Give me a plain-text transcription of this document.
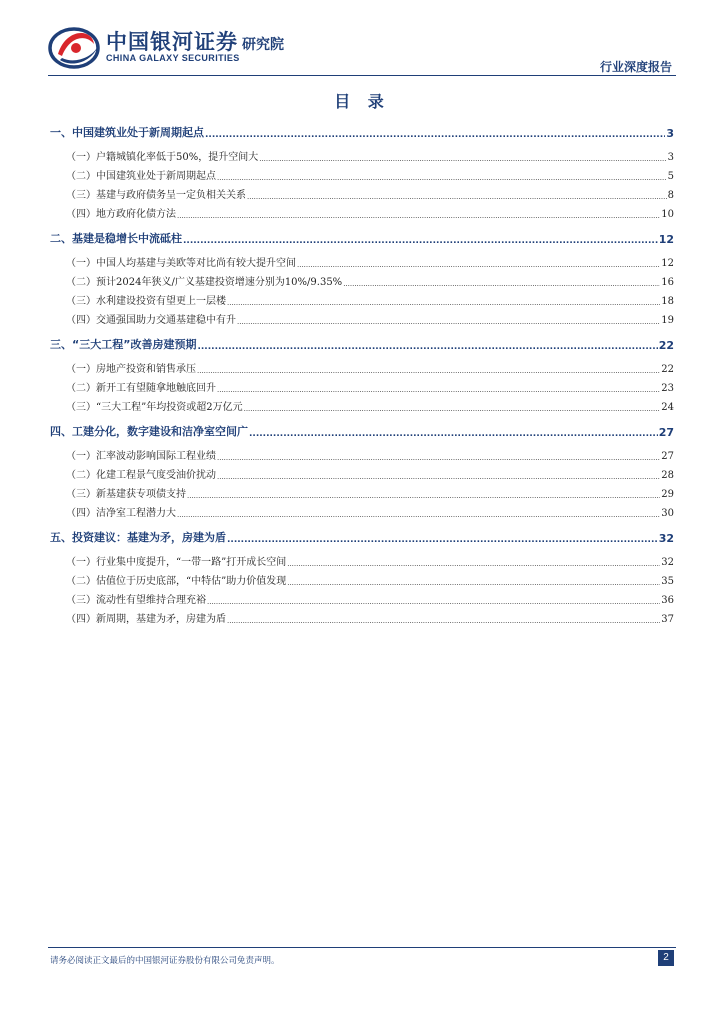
中国银河证券
CHINA GALAXY SECURITIES
研究院
行业深度报告
目 录
一、中国建筑业处于新周期起点 .....	3
（一）户籍城镇化率低于50%，提升空间大 .....	3
（二）中国建筑业处于新周期起点 .....	5
（三）基建与政府债务呈一定负相关关系 .....	8
（四）地方政府化债方法 .....	10
二、基建是稳增长中流砥柱 .....	12
（一）中国人均基建与美欧等对比尚有较大提升空间 .....	12
（二）预计2024年狭义/广义基建投资增速分别为10%/9.35% .....	16
（三）水利建设投资有望更上一层楼 .....	18
（四）交通强国助力交通基建稳中有升 .....	19
三、“三大工程”改善房建预期 .....	22
（一）房地产投资和销售承压 .....	22
（二）新开工有望随拿地触底回升 .....	23
（三）“三大工程”年均投资或超2万亿元 .....	24
四、工建分化，数字建设和洁净室空间广 .....	27
（一）汇率波动影响国际工程业绩 .....	27
（二）化建工程景气度受油价扰动 .....	28
（三）新基建获专项债支持 .....	29
（四）洁净室工程潜力大 .....	30
五、投资建议：基建为矛，房建为盾 .....	32
（一）行业集中度提升，“一带一路”打开成长空间 .....	32
（二）估值位于历史底部，“中特估”助力价值发现 .....	35
（三）流动性有望维持合理充裕 .....	36
（四）新周期，基建为矛，房建为盾 .....	37
请务必阅读正文最后的中国银河证券股份有限公司免责声明。	2
